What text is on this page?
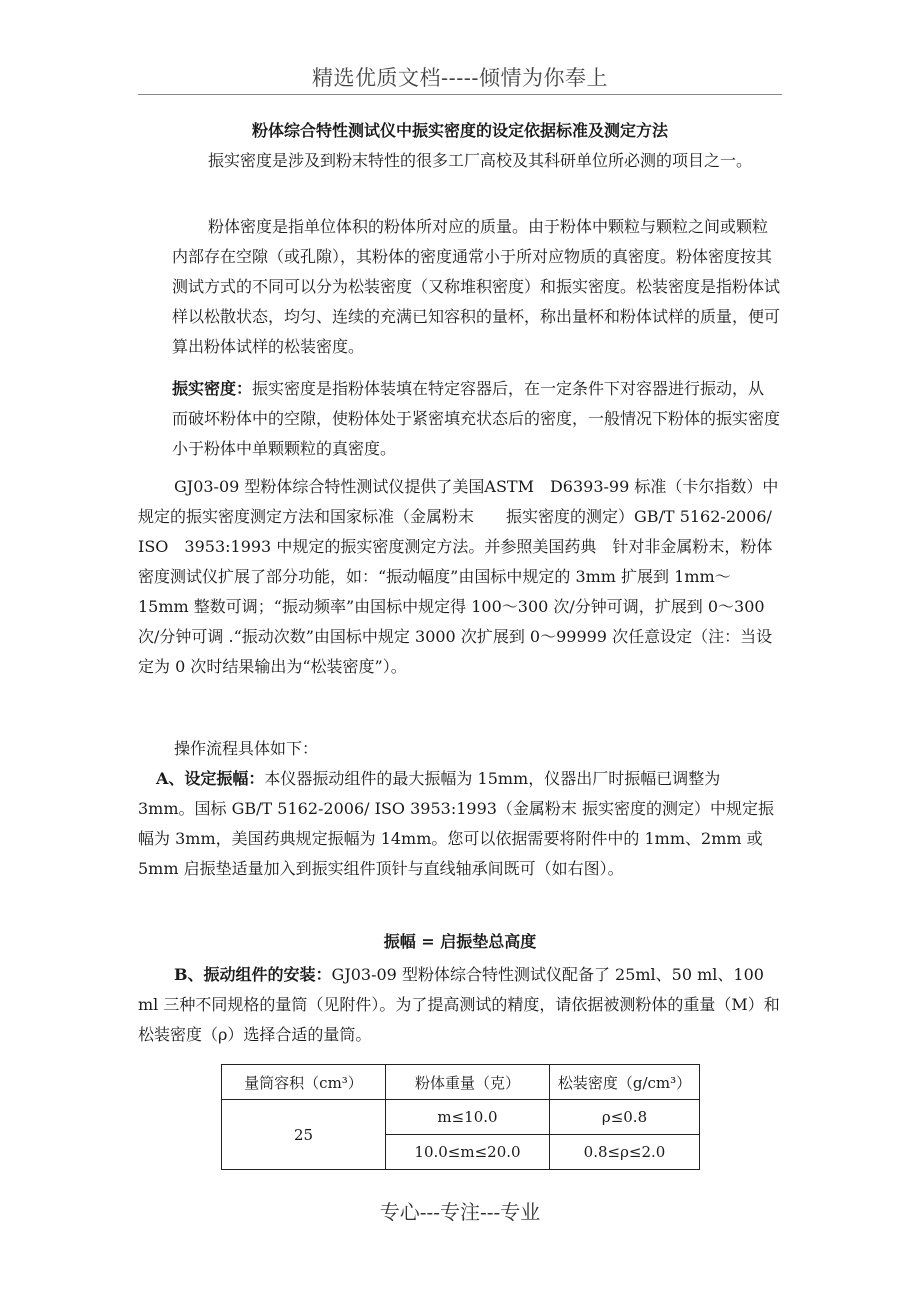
精选优质文档-----倾情为你奉上
粉体综合特性测试仪中振实密度的设定依据标准及测定方法

振实密度是涉及到粉末特性的很多工厂高校及其科研单位所必测的项目之一。

粉体密度是指单位体积的粉体所对应的质量。由于粉体中颗粒与颗粒之间或颗粒内部存在空隙（或孔隙），其粉体的密度通常小于所对应物质的真密度。粉体密度按其测试方式的不同可以分为松装密度（又称堆积密度）和振实密度。松装密度是指粉体试样以松散状态，均匀、连续的充满已知容积的量杯，称出量杯和粉体试样的质量，便可算出粉体试样的松装密度。

振实密度：振实密度是指粉体装填在特定容器后，在一定条件下对容器进行振动，从而破坏粉体中的空隙，使粉体处于紧密填充状态后的密度，一般情况下粉体的振实密度小于粉体中单颗颗粒的真密度。

GJ03-09 型粉体综合特性测试仪提供了美国ASTM　D6393-99 标准（卡尔指数）中规定的振实密度测定方法和国家标准（金属粉末　　振实密度的测定）GB/T 5162-2006/　ISO　3953:1993 中规定的振实密度测定方法。并参照美国药典　针对非金属粉末，粉体密度测试仪扩展了部分功能，如：“振动幅度”由国标中规定的 3mm 扩展到 1mm～15mm 整数可调；“振动频率”由国标中规定得 100～300 次/分钟可调，扩展到 0～300 次/分钟可调 .“振动次数”由国标中规定 3000 次扩展到 0～99999 次任意设定（注：当设定为 0 次时结果输出为“松装密度”）。

操作流程具体如下：

A、设定振幅：本仪器振动组件的最大振幅为 15mm，仪器出厂时振幅已调整为 3mm。国标 GB/T 5162-2006/ ISO 3953:1993（金属粉末 振实密度的测定）中规定振幅为 3mm，美国药典规定振幅为 14mm。您可以依据需要将附件中的 1mm、2mm 或 5mm 启振垫适量加入到振实组件顶针与直线轴承间既可（如右图）。

振幅 = 启振垫总高度

B、振动组件的安装：GJ03-09 型粉体综合特性测试仪配备了 25ml、50 ml、100　ml 三种不同规格的量筒（见附件）。为了提高测试的精度，请依据被测粉体的重量（M）和松装密度（ρ）选择合适的量筒。

量筒容积（cm³）	粉体重量（克）	松装密度（g/cm³）
25	m≤10.0	ρ≤0.8
	10.0≤m≤20.0	0.8≤ρ≤2.0
专心---专注---专业
